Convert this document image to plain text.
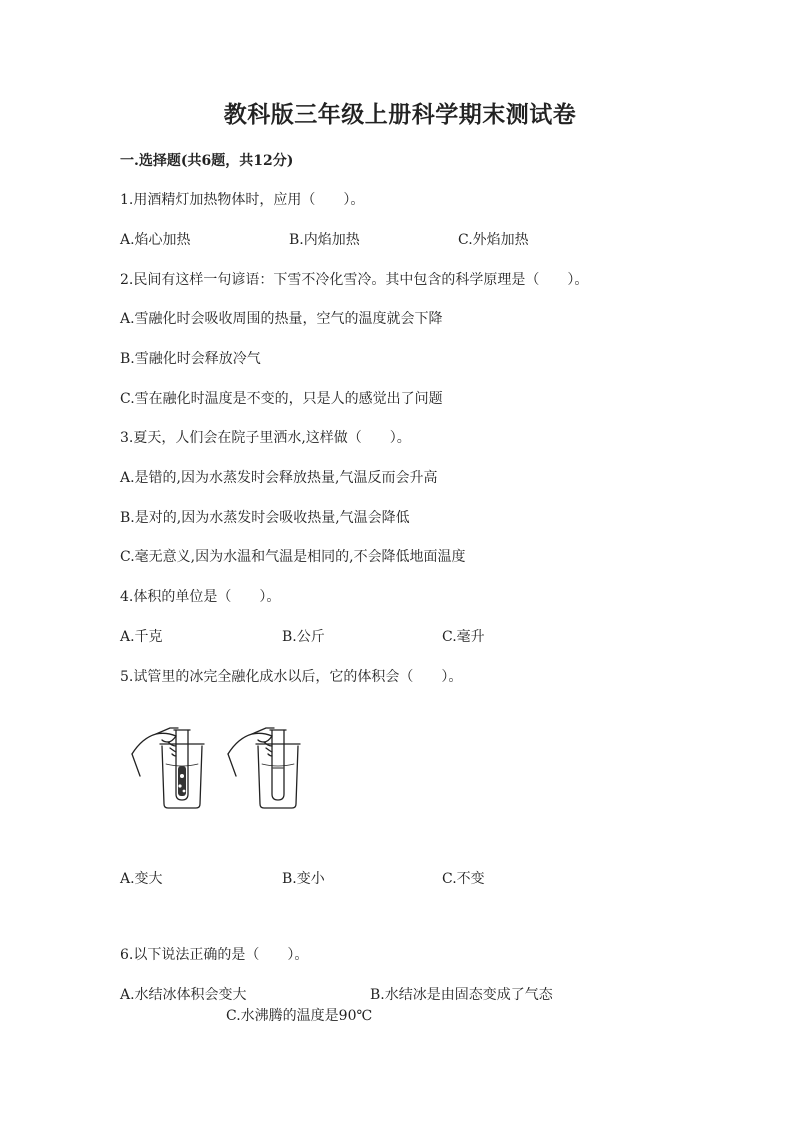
教科版三年级上册科学期末测试卷
一.选择题(共6题，共12分)
1.用酒精灯加热物体时，应用（　　）。
A.焰心加热	B.内焰加热	C.外焰加热
2.民间有这样一句谚语：下雪不冷化雪冷。其中包含的科学原理是（　　）。
A.雪融化时会吸收周围的热量，空气的温度就会下降
B.雪融化时会释放冷气
C.雪在融化时温度是不变的，只是人的感觉出了问题
3.夏天，人们会在院子里洒水,这样做（　　）。
A.是错的,因为水蒸发时会释放热量,气温反而会升高
B.是对的,因为水蒸发时会吸收热量,气温会降低
C.毫无意义,因为水温和气温是相同的,不会降低地面温度
4.体积的单位是（　　）。
A.千克	B.公斤	C.毫升
5.试管里的冰完全融化成水以后，它的体积会（　　）。
A.变大	B.变小	C.不变
6.以下说法正确的是（　　）。
A.水结冰体积会变大	B.水结冰是由固态变成了气态
C.水沸腾的温度是90℃
